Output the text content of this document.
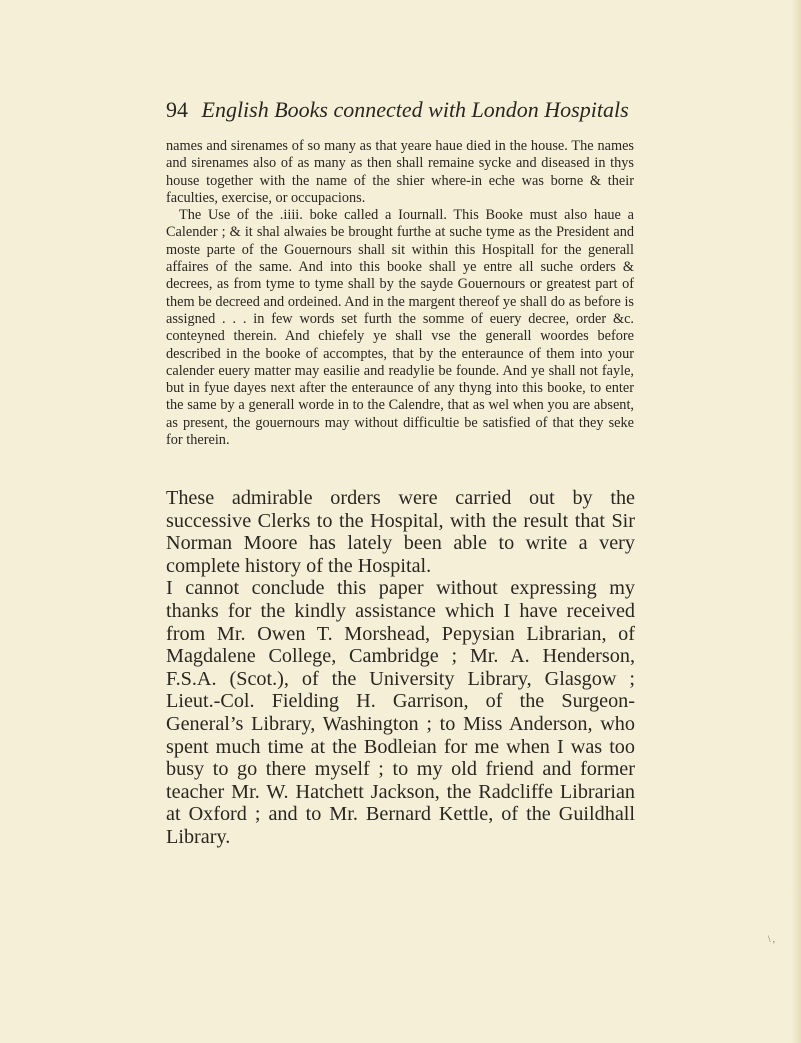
94 English Books connected with London Hospitals

names and sirenames of so many as that yeare haue died in the house. The names and sirenames also of as many as then shall remaine sycke and diseased in thys house together with the name of the shier where-in eche was borne & their faculties, exercise, or occupacions.

The Use of the .iiii. boke called a Iournall. This Booke must also haue a Calender ; & it shal alwaies be brought furthe at suche tyme as the President and moste parte of the Gouernours shall sit within this Hospitall for the generall affaires of the same. And into this booke shall ye entre all suche orders & decrees, as from tyme to tyme shall by the sayde Gouernours or greatest part of them be decreed and ordeined. And in the margent thereof ye shall do as before is assigned . . . in few words set furth the somme of euery decree, order &c. conteyned therein. And chiefely ye shall vse the generall woordes before described in the booke of accomptes, that by the enteraunce of them into your calender euery matter may easilie and readylie be founde. And ye shall not fayle, but in fyue dayes next after the enteraunce of any thyng into this booke, to enter the same by a generall worde in to the Calendre, that as wel when you are absent, as present, the gouernours may without difficultie be satisfied of that they seke for therein.

These admirable orders were carried out by the successive Clerks to the Hospital, with the result that Sir Norman Moore has lately been able to write a very complete history of the Hospital.

I cannot conclude this paper without expressing my thanks for the kindly assistance which I have received from Mr. Owen T. Morshead, Pepysian Librarian, of Magdalene College, Cambridge ; Mr. A. Henderson, F.S.A. (Scot.), of the University Library, Glasgow ; Lieut.-Col. Fielding H. Garrison, of the Surgeon-General’s Library, Washington ; to Miss Anderson, who spent much time at the Bodleian for me when I was too busy to go there myself ; to my old friend and former teacher Mr. W. Hatchett Jackson, the Radcliffe Librarian at Oxford ; and to Mr. Bernard Kettle, of the Guildhall Library.

\ ,
